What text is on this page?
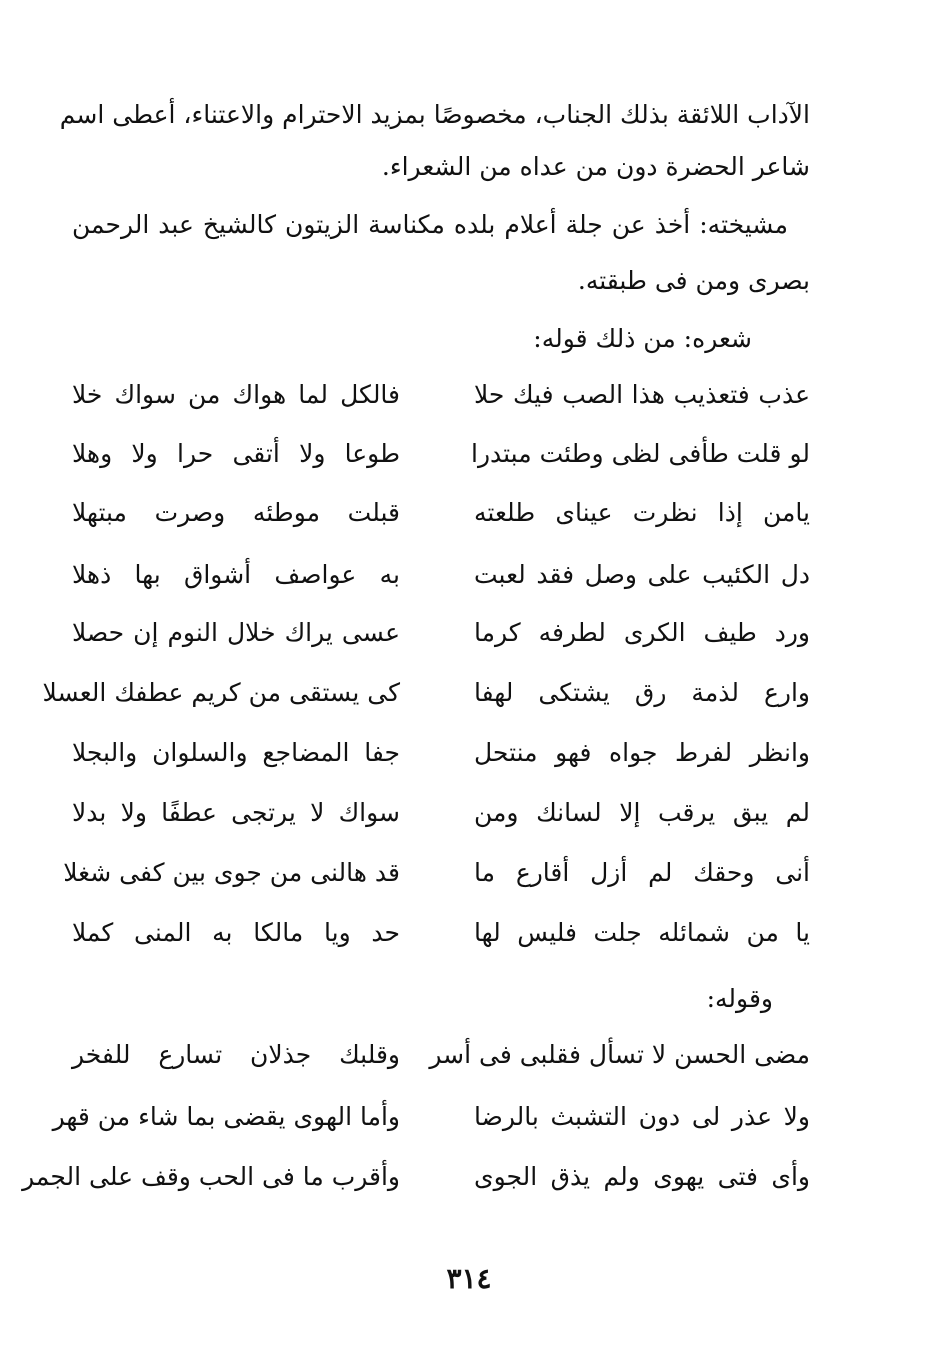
الآداب اللائقة بذلك الجناب، مخصوصًا بمزيد الاحترام والاعتناء، أعطى اسم
شاعر الحضرة دون من عداه من الشعراء.
مشيخته: أخذ عن جلة أعلام بلده مكناسة الزيتون كالشيخ عبد الرحمن
بصرى ومن فى طبقته.
شعره: من ذلك قوله:
عذب فتعذيب هذا الصب فيك حلا
فالكل لما هواك من سواك خلا
لو قلت طأفى لظى وطئت مبتدرا
طوعا ولا أتقى حرا ولا وهلا
يامن إذا نظرت عيناى طلعته
قبلت موطئه وصرت مبتهلا
دل الكئيب على وصل فقد لعبت
به عواصف أشواق بها ذهلا
ورد طيف الكرى لطرفه كرما
عسى يراك خلال النوم إن حصلا
وارع لذمة رق يشتكى لهفا
كى يستقى من كريم عطفك العسلا
وانظر لفرط جواه فهو منتحل
جفا المضاجع والسلوان والبجلا
لم يبق يرقب إلا لسانك ومن
سواك لا يرتجى عطفًا ولا بدلا
أنى وحقك لم أزل أقارع ما
قد هالنى من جوى بين كفى شغلا
يا من شمائله جلت فليس لها
حد ويا مالكا به المنى كملا
وقوله:
مضى الحسن لا تسأل فقلبى فى أسر
وقلبك جذلان تسارع للفخر
ولا عذر لى دون التشبث بالرضا
وأما الهوى يقضى بما شاء من قهر
وأى فتى يهوى ولم يذق الجوى
وأقرب ما فى الحب وقف على الجمر
٣١٤
